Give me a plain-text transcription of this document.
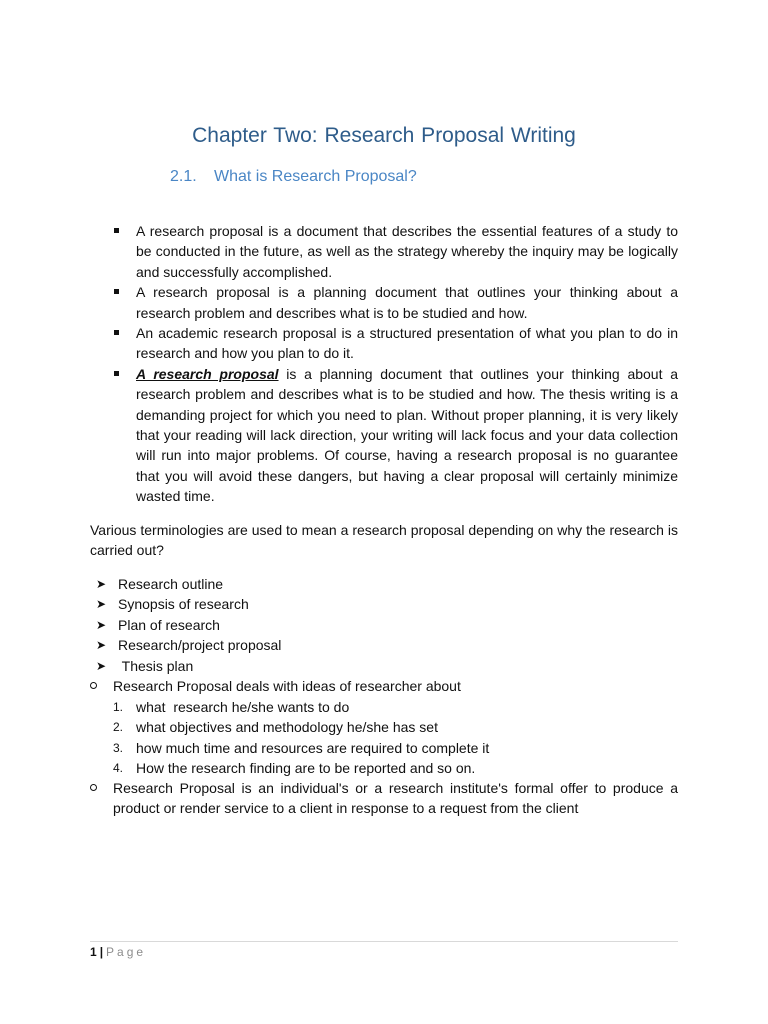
Chapter Two: Research Proposal Writing
2.1. What is Research Proposal?
A research proposal is a document that describes the essential features of a study to be conducted in the future, as well as the strategy whereby the inquiry may be logically and successfully accomplished.
A research proposal is a planning document that outlines your thinking about a research problem and describes what is to be studied and how.
An academic research proposal is a structured presentation of what you plan to do in research and how you plan to do it.
A research proposal is a planning document that outlines your thinking about a research problem and describes what is to be studied and how. The thesis writing is a demanding project for which you need to plan. Without proper planning, it is very likely that your reading will lack direction, your writing will lack focus and your data collection will run into major problems. Of course, having a research proposal is no guarantee that you will avoid these dangers, but having a clear proposal will certainly minimize wasted time.

Various terminologies are used to mean a research proposal depending on why the research is carried out?

➤ Research outline
➤ Synopsis of research
➤ Plan of research
➤ Research/project proposal
➤ Thesis plan
Research Proposal deals with ideas of researcher about
1. what  research he/she wants to do
2. what objectives and methodology he/she has set
3. how much time and resources are required to complete it
4. How the research finding are to be reported and so on.
Research Proposal is an individual's or a research institute's formal offer to produce a product or render service to a client in response to a request from the client
1 | Page
